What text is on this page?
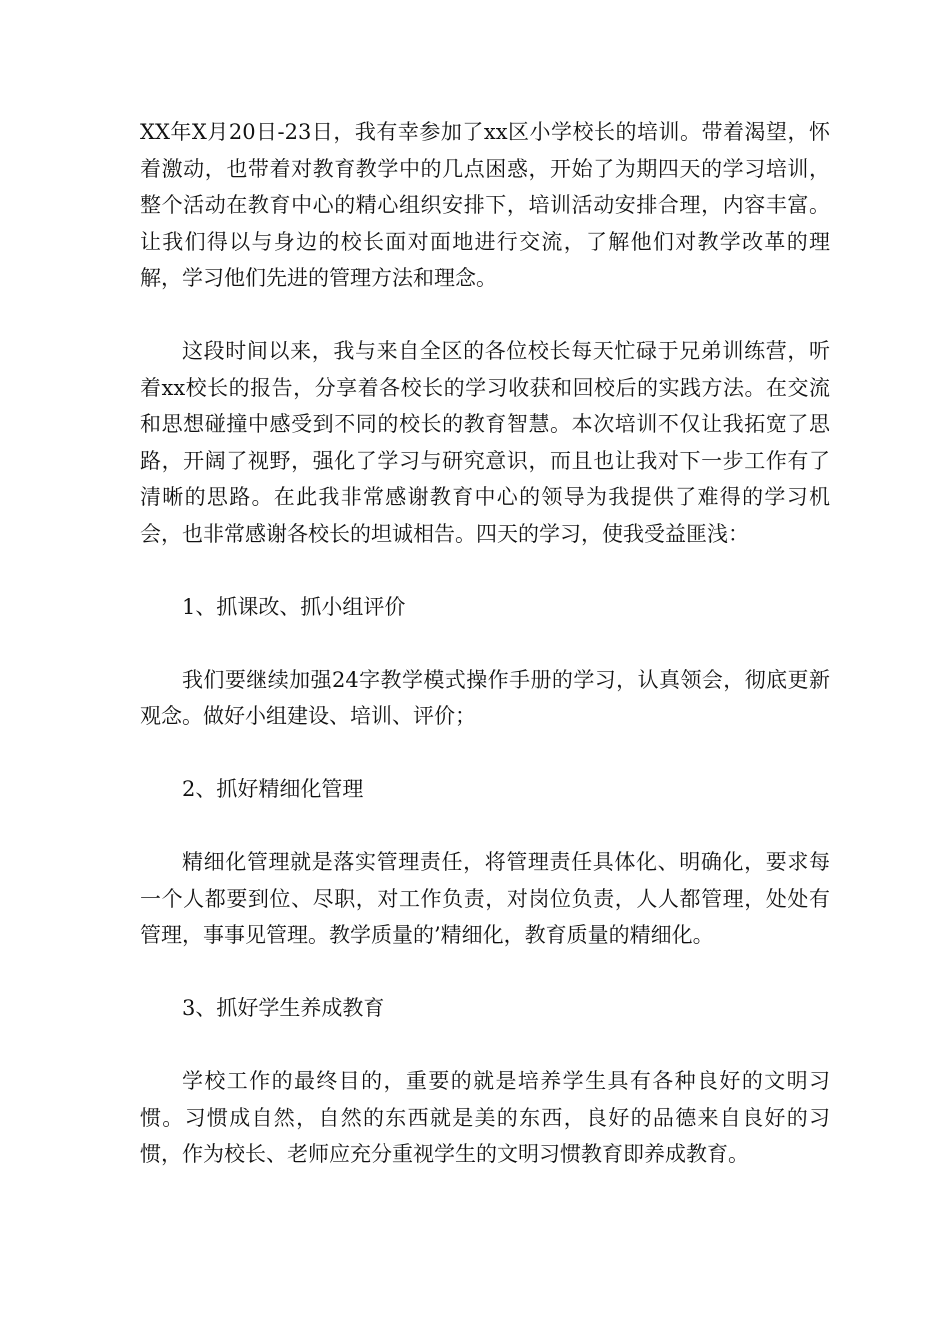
XX年X月20日-23日，我有幸参加了xx区小学校长的培训。带着渴望，怀着激动，也带着对教育教学中的几点困惑，开始了为期四天的学习培训，整个活动在教育中心的精心组织安排下，培训活动安排合理，内容丰富。让我们得以与身边的校长面对面地进行交流，了解他们对教学改革的理解，学习他们先进的管理方法和理念。

这段时间以来，我与来自全区的各位校长每天忙碌于兄弟训练营，听着xx校长的报告，分享着各校长的学习收获和回校后的实践方法。在交流和思想碰撞中感受到不同的校长的教育智慧。本次培训不仅让我拓宽了思路，开阔了视野，强化了学习与研究意识，而且也让我对下一步工作有了清晰的思路。在此我非常感谢教育中心的领导为我提供了难得的学习机会，也非常感谢各校长的坦诚相告。四天的学习，使我受益匪浅：

1、抓课改、抓小组评价

我们要继续加强24字教学模式操作手册的学习，认真领会，彻底更新观念。做好小组建设、培训、评价；

2、抓好精细化管理

精细化管理就是落实管理责任，将管理责任具体化、明确化，要求每一个人都要到位、尽职，对工作负责，对岗位负责，人人都管理，处处有管理，事事见管理。教学质量的’精细化，教育质量的精细化。

3、抓好学生养成教育

学校工作的最终目的，重要的就是培养学生具有各种良好的文明习惯。习惯成自然，自然的东西就是美的东西，良好的品德来自良好的习惯，作为校长、老师应充分重视学生的文明习惯教育即养成教育。
